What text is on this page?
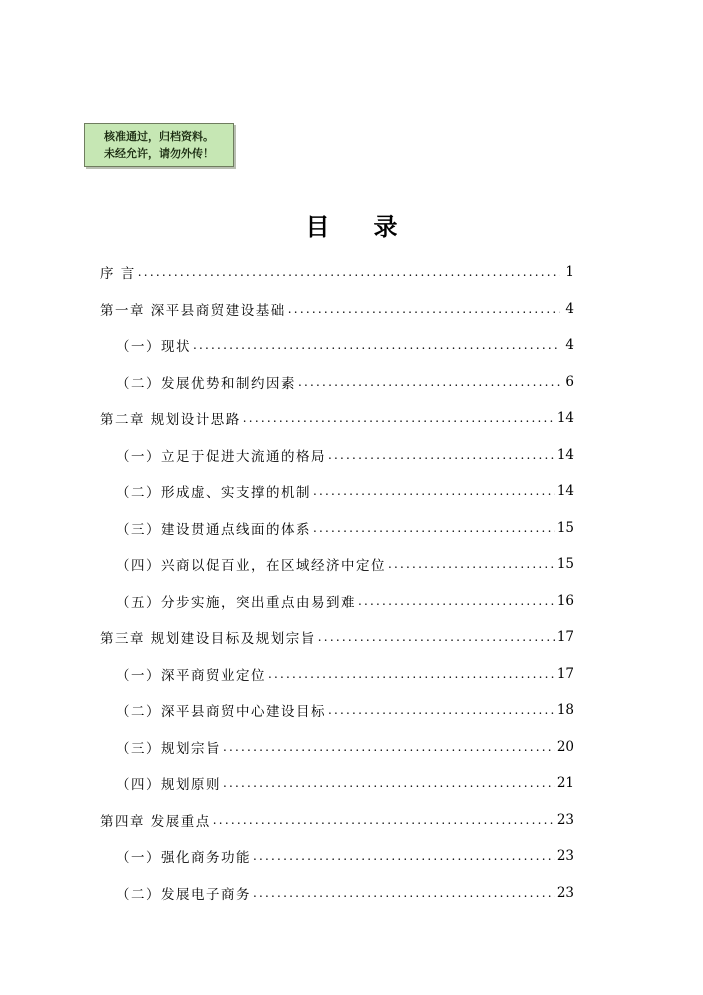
核准通过，归档资料。
未经允许，请勿外传！
目录
序 言 .....	1
第一章 深平县商贸建设基础 .....	4
（一）现状 .....	4
（二）发展优势和制约因素 .....	6
第二章 规划设计思路 .....	14
（一）立足于促进大流通的格局 .....	14
（二）形成虚、实支撑的机制 .....	14
（三）建设贯通点线面的体系 .....	15
（四）兴商以促百业，在区域经济中定位 .....	15
（五）分步实施，突出重点由易到难 .....	16
第三章 规划建设目标及规划宗旨 .....	17
（一）深平商贸业定位 .....	17
（二）深平县商贸中心建设目标 .....	18
（三）规划宗旨 .....	20
（四）规划原则 .....	21
第四章 发展重点 .....	23
（一）强化商务功能 .....	23
（二）发展电子商务 .....	23
